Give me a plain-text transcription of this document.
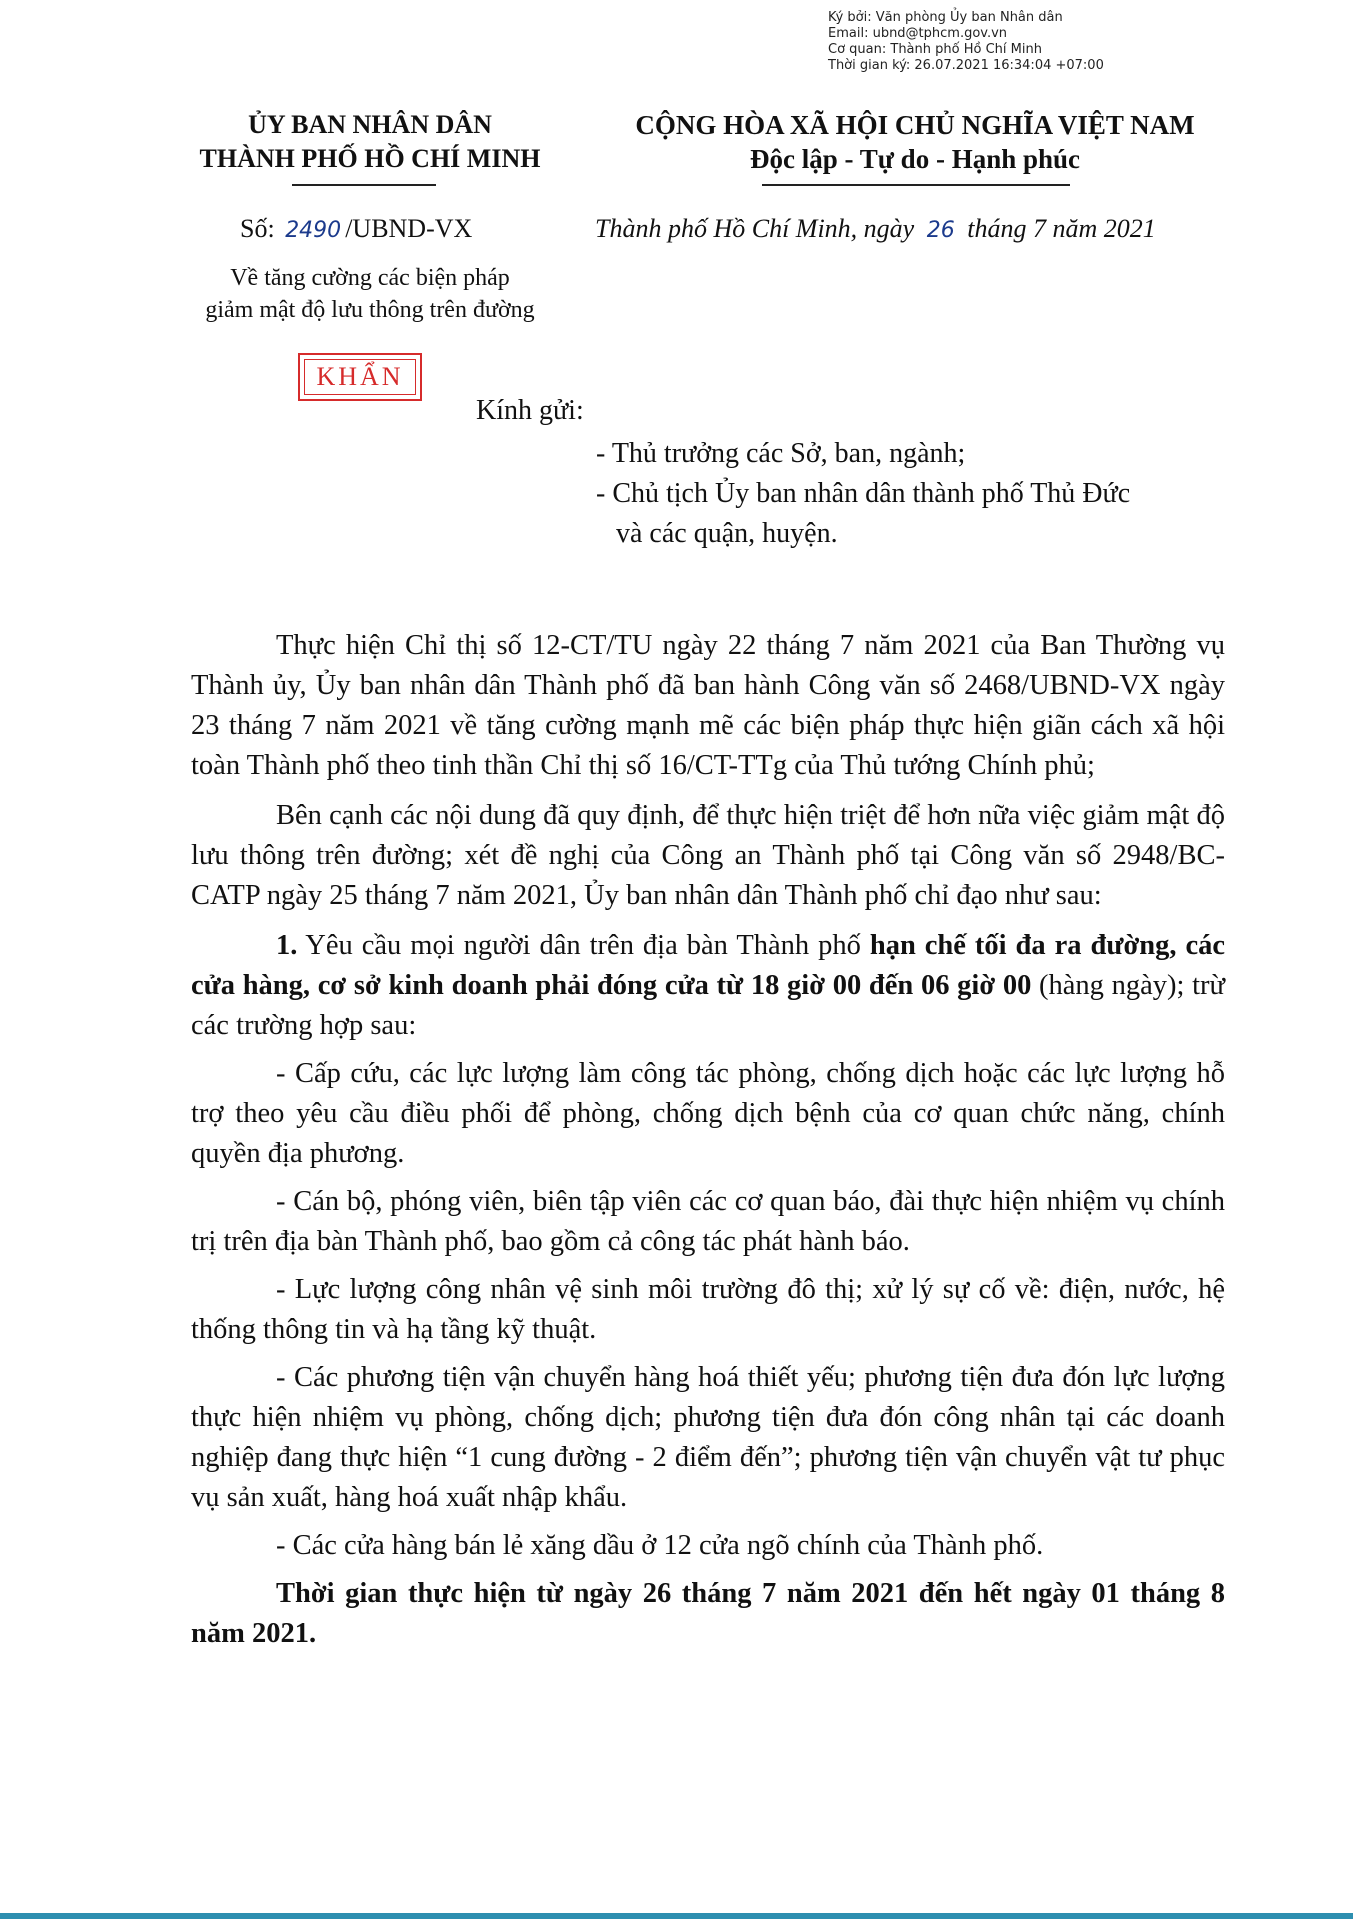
Ký bởi: Văn phòng Ủy ban Nhân dân
Email: ubnd@tphcm.gov.vn
Cơ quan: Thành phố Hồ Chí Minh
Thời gian ký: 26.07.2021 16:34:04 +07:00
ỦY BAN NHÂN DÂN
THÀNH PHỐ HỒ CHÍ MINH
CỘNG HÒA XÃ HỘI CHỦ NGHĨA VIỆT NAM
Độc lập - Tự do - Hạnh phúc
Số: 2490 /UBND-VX	Thành phố Hồ Chí Minh, ngày 26 tháng 7 năm 2021
Về tăng cường các biện pháp
giảm mật độ lưu thông trên đường
KHẨN
Kính gửi:
- Thủ trưởng các Sở, ban, ngành;
- Chủ tịch Ủy ban nhân dân thành phố Thủ Đức
và các quận, huyện.

Thực hiện Chỉ thị số 12-CT/TU ngày 22 tháng 7 năm 2021 của Ban Thường vụ Thành ủy, Ủy ban nhân dân Thành phố đã ban hành Công văn số 2468/UBND-VX ngày 23 tháng 7 năm 2021 về tăng cường mạnh mẽ các biện pháp thực hiện giãn cách xã hội toàn Thành phố theo tinh thần Chỉ thị số 16/CT-TTg của Thủ tướng Chính phủ;

Bên cạnh các nội dung đã quy định, để thực hiện triệt để hơn nữa việc giảm mật độ lưu thông trên đường; xét đề nghị của Công an Thành phố tại Công văn số 2948/BC-CATP ngày 25 tháng 7 năm 2021, Ủy ban nhân dân Thành phố chỉ đạo như sau:

1. Yêu cầu mọi người dân trên địa bàn Thành phố hạn chế tối đa ra đường, các cửa hàng, cơ sở kinh doanh phải đóng cửa từ 18 giờ 00 đến 06 giờ 00 (hàng ngày); trừ các trường hợp sau:

- Cấp cứu, các lực lượng làm công tác phòng, chống dịch hoặc các lực lượng hỗ trợ theo yêu cầu điều phối để phòng, chống dịch bệnh của cơ quan chức năng, chính quyền địa phương.

- Cán bộ, phóng viên, biên tập viên các cơ quan báo, đài thực hiện nhiệm vụ chính trị trên địa bàn Thành phố, bao gồm cả công tác phát hành báo.

- Lực lượng công nhân vệ sinh môi trường đô thị; xử lý sự cố về: điện, nước, hệ thống thông tin và hạ tầng kỹ thuật.

- Các phương tiện vận chuyển hàng hoá thiết yếu; phương tiện đưa đón lực lượng thực hiện nhiệm vụ phòng, chống dịch; phương tiện đưa đón công nhân tại các doanh nghiệp đang thực hiện “1 cung đường - 2 điểm đến”; phương tiện vận chuyển vật tư phục vụ sản xuất, hàng hoá xuất nhập khẩu.

- Các cửa hàng bán lẻ xăng dầu ở 12 cửa ngõ chính của Thành phố.

Thời gian thực hiện từ ngày 26 tháng 7 năm 2021 đến hết ngày 01 tháng 8 năm 2021.
